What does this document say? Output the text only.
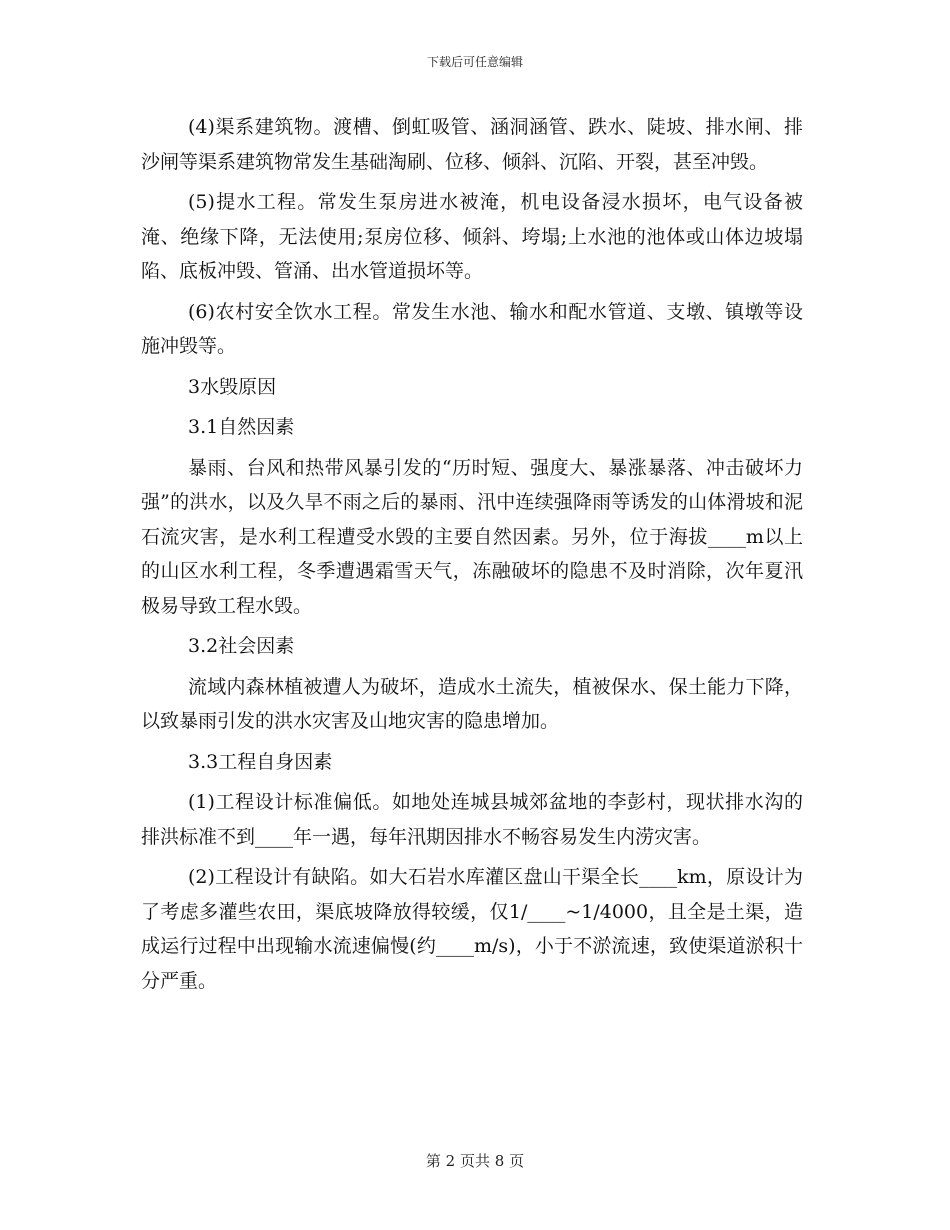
下载后可任意编辑

(4)渠系建筑物。渡槽、倒虹吸管、涵洞涵管、跌水、陡坡、排水闸、排沙闸等渠系建筑物常发生基础淘刷、位移、倾斜、沉陷、开裂，甚至冲毁。

(5)提水工程。常发生泵房进水被淹，机电设备浸水损坏，电气设备被淹、绝缘下降，无法使用;泵房位移、倾斜、垮塌;上水池的池体或山体边坡塌陷、底板冲毁、管涌、出水管道损坏等。

(6)农村安全饮水工程。常发生水池、输水和配水管道、支墩、镇墩等设施冲毁等。

3水毁原因

3.1自然因素

暴雨、台风和热带风暴引发的“历时短、强度大、暴涨暴落、冲击破坏力强”的洪水，以及久旱不雨之后的暴雨、汛中连续强降雨等诱发的山体滑坡和泥石流灾害，是水利工程遭受水毁的主要自然因素。另外，位于海拔____m以上的山区水利工程，冬季遭遇霜雪天气，冻融破坏的隐患不及时消除，次年夏汛极易导致工程水毁。

3.2社会因素

流域内森林植被遭人为破坏，造成水土流失，植被保水、保土能力下降，以致暴雨引发的洪水灾害及山地灾害的隐患增加。

3.3工程自身因素

(1)工程设计标准偏低。如地处连城县城郊盆地的李彭村，现状排水沟的排洪标准不到____年一遇，每年汛期因排水不畅容易发生内涝灾害。

(2)工程设计有缺陷。如大石岩水库灌区盘山干渠全长____km，原设计为了考虑多灌些农田，渠底坡降放得较缓，仅1/____~1/4000，且全是土渠，造成运行过程中出现输水流速偏慢(约____m/s)，小于不淤流速，致使渠道淤积十分严重。

第 2 页共 8 页
